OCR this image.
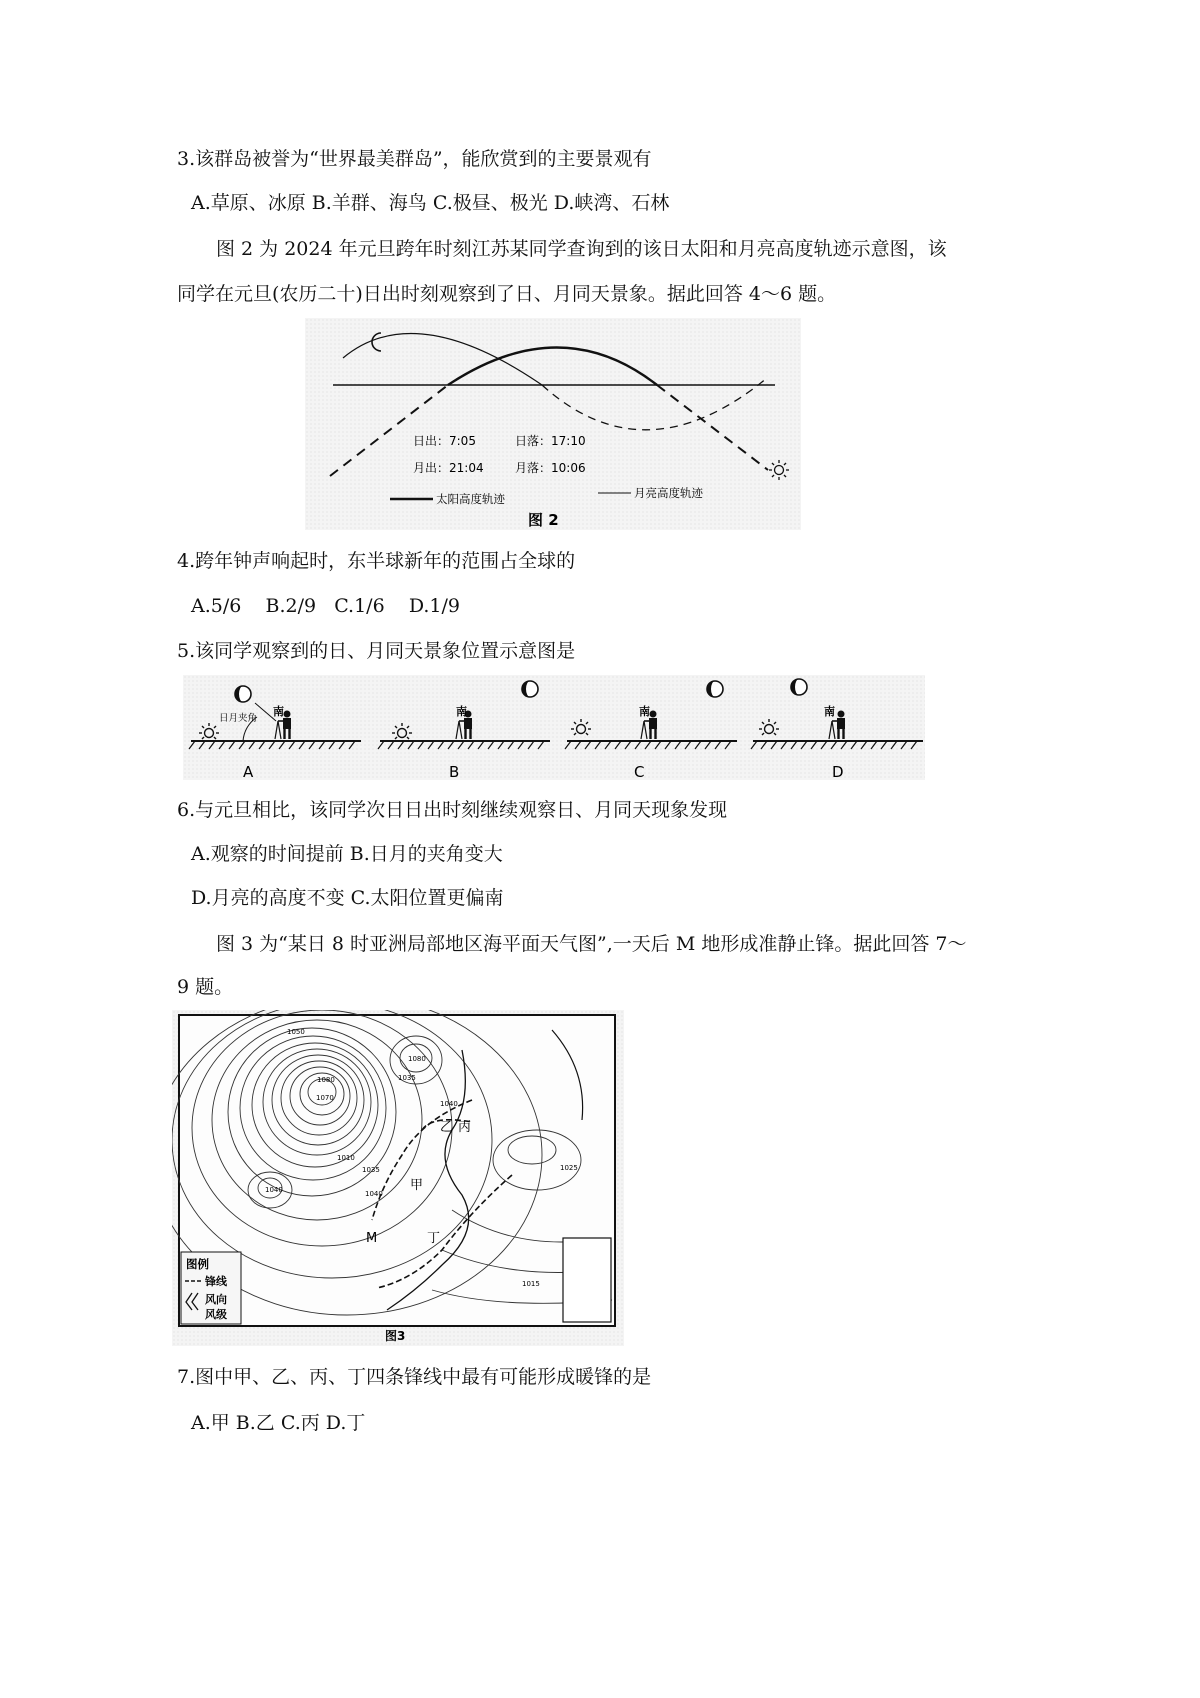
3.该群岛被誉为“世界最美群岛”，能欣赏到的主要景观有
A.草原、冰原 B.羊群、海鸟 C.极昼、极光 D.峡湾、石林
图 2 为 2024 年元旦跨年时刻江苏某同学查询到的该日太阳和月亮高度轨迹示意图，该
同学在元旦(农历二十)日出时刻观察到了日、月同天景象。据此回答 4～6 题。
日出：7:05	日落：17:10
月出：21:04	月落：10:06
太阳高度轨迹	月亮高度轨迹
图 2
4.跨年钟声响起时，东半球新年的范围占全球的
A.5/6    B.2/9   C.1/6    D.1/9
5.该同学观察到的日、月同天景象位置示意图是
日月夹角
南
A
南
B
南
C
南
D
6.与元旦相比，该同学次日日出时刻继续观察日、月同天现象发现
A.观察的时间提前 B.日月的夹角变大
D.月亮的高度不变 C.太阳位置更偏南
图 3 为“某日 8 时亚洲局部地区海平面天气图”,一天后 M 地形成准静止锋。据此回答 7～
9 题。
甲
乙 丙
丁
M
1050
1080
1070
1080
1035
1040
1010
1035
1040	1040
1025
1015
图例
锋线
风向
风级
图3
7.图中甲、乙、丙、丁四条锋线中最有可能形成暖锋的是
A.甲 B.乙 C.丙 D.丁
